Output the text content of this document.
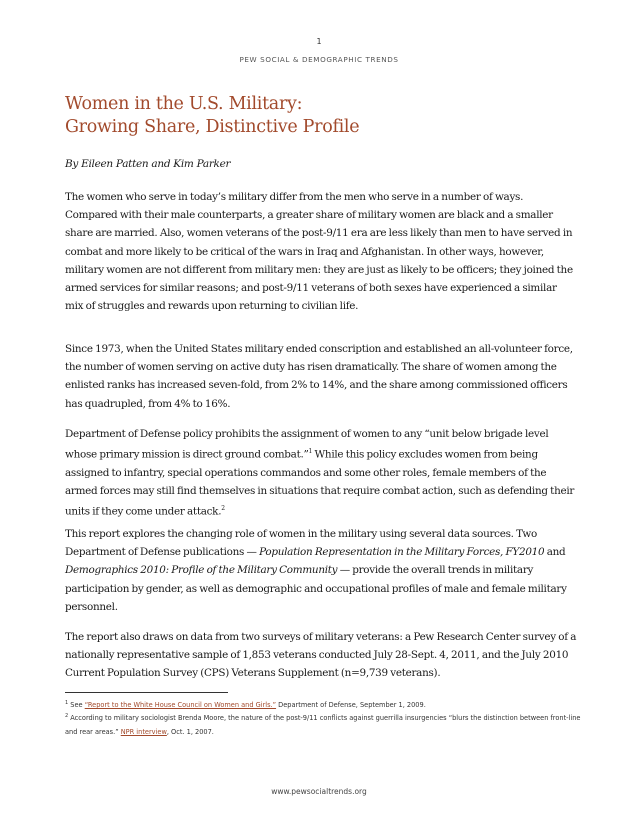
1
PEW SOCIAL & DEMOGRAPHIC TRENDS
Women in the U.S. Military:
Growing Share, Distinctive Profile
By Eileen Patten and Kim Parker
The women who serve in today’s military differ from the men who serve in a number of ways. Compared with their male counterparts, a greater share of military women are black and a smaller share are married. Also, women veterans of the post-9/11 era are less likely than men to have served in combat and more likely to be critical of the wars in Iraq and Afghanistan. In other ways, however, military women are not different from military men: they are just as likely to be officers; they joined the armed services for similar reasons; and post-9/11 veterans of both sexes have experienced a similar mix of struggles and rewards upon returning to civilian life.
Since 1973, when the United States military ended conscription and established an all-volunteer force, the number of women serving on active duty has risen dramatically. The share of women among the enlisted ranks has increased seven-fold, from 2% to 14%, and the share among commissioned officers has quadrupled, from 4% to 16%.
Department of Defense policy prohibits the assignment of women to any “unit below brigade level whose primary mission is direct ground combat.”$^1$ While this policy excludes women from being assigned to infantry, special operations commandos and some other roles, female members of the armed forces may still find themselves in situations that require combat action, such as defending their units if they come under attack.$^2$
This report explores the changing role of women in the military using several data sources. Two Department of Defense publications — Population Representation in the Military Forces, FY2010 and Demographics 2010: Profile of the Military Community — provide the overall trends in military participation by gender, as well as demographic and occupational profiles of male and female military personnel.
The report also draws on data from two surveys of military veterans: a Pew Research Center survey of a nationally representative sample of 1,853 veterans conducted July 28-Sept. 4, 2011, and the July 2010 Current Population Survey (CPS) Veterans Supplement (n=9,739 veterans).
$^1$ See “Report to the White House Council on Women and Girls.” Department of Defense, September 1, 2009.
$^2$ According to military sociologist Brenda Moore, the nature of the post-9/11 conflicts against guerrilla insurgencies “blurs the distinction between front-line and rear areas.” NPR interview, Oct. 1, 2007.
www.pewsocialtrends.org
